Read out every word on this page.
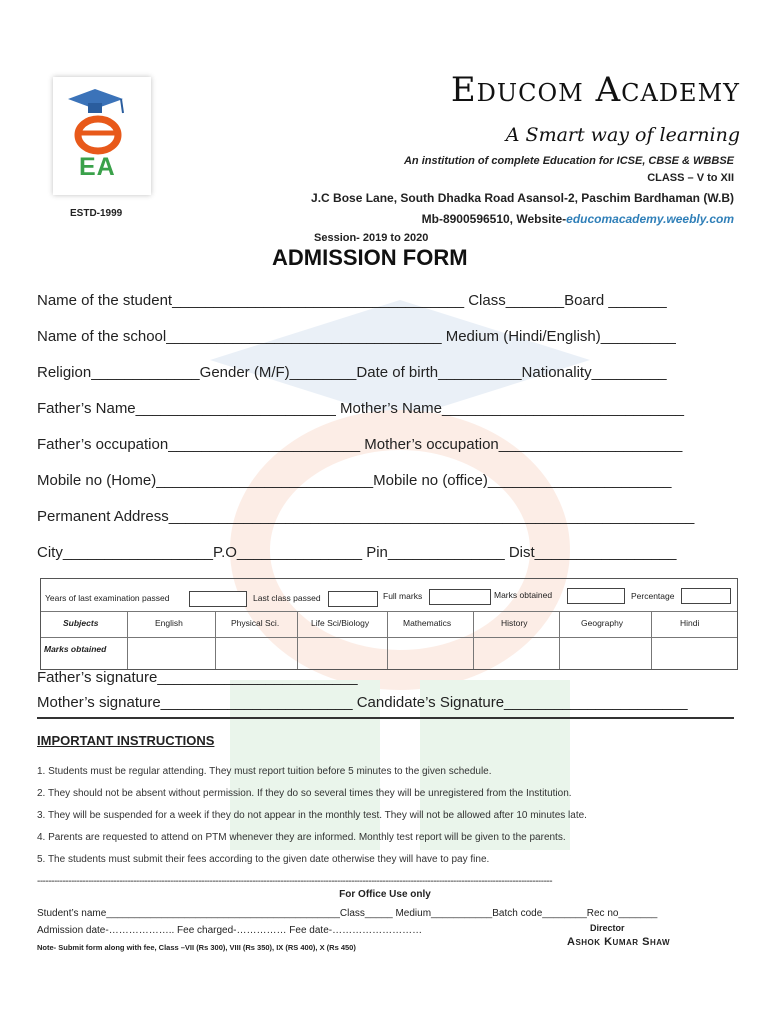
EA
ESTD-1999
Educom Academy
A Smart way of learning
An institution of complete Education for ICSE, CBSE & WBBSE
CLASS – V to XII
J.C Bose Lane, South Dhadka Road Asansol-2, Paschim Bardhaman (W.B)
Mb-8900596510, Website-educomacademy.weebly.com
Session- 2019 to 2020
ADMISSION FORM
Name of the student___________________________________ Class_______Board _______
Name of the school_________________________________ Medium (Hindi/English)_________
Religion_____________Gender (M/F)________Date of birth__________Nationality_________
Father’s Name________________________ Mother’s Name_____________________________
Father’s occupation_______________________ Mother’s occupation______________________
Mobile no (Home)__________________________Mobile no (office)______________________
Permanent Address_______________________________________________________________
City__________________P.O_______________ Pin______________ Dist_________________
Years of last examination passed	Last class passed	Full marks	Marks obtained	Percentage
Subjects	English	Physical Sci.	Life Sci/Biology	Mathematics	History	Geography	Hindi
Marks obtained
Father’s signature________________________
Mother’s signature_______________________ Candidate’s Signature______________________
IMPORTANT INSTRUCTIONS
1. Students must be regular attending. They must report tuition before 5 minutes to the given schedule.
2. They should not be absent without permission. If they do so several times they will be unregistered from the Institution.
3. They will be suspended for a week if they do not appear in the monthly test. They will not be allowed after 10 minutes late.
4. Parents are requested to attend on PTM whenever they are informed. Monthly test report will be given to the parents.
5. The students must submit their fees according to the given date otherwise they will have to pay fine.
--------------------------------------------------------------------------------------------------------------------------------------------------------------------------------------
For Office Use only
Student’s name__________________________________________Class_____ Medium___________Batch code________Rec no_______
Admission date-……………….. Fee charged-…………… Fee date-………………………	Director
Ashok Kumar Shaw
Note- Submit form along with fee, Class –VII (Rs 300), VIII (Rs 350), IX (RS 400), X (Rs 450)
